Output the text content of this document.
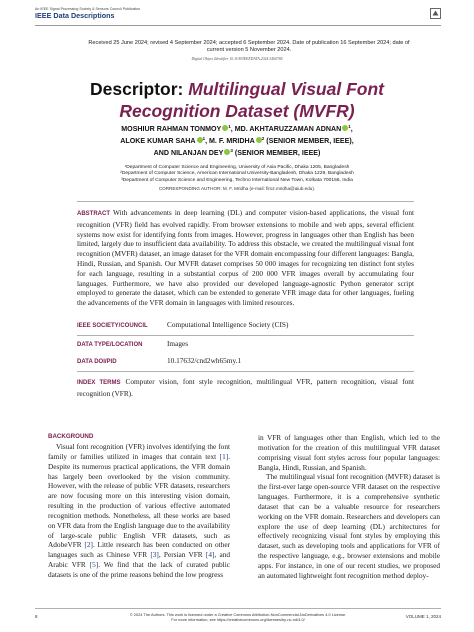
An IEEE Signal Processing Society & Sensors Council Publication
IEEE Data Descriptions
Received 25 June 2024; revised 4 September 2024; accepted 6 September 2024. Date of publication 16 September 2024; date of
current version 5 November 2024.
Digital Object Identifier 10.1109/IEEEDATA.2024.3460784
Descriptor: Multilingual Visual Font
Recognition Dataset (MVFR)
MOSHIUR RAHMAN TONMOY $^1$, MD. AKHTARUZZAMAN ADNAN $^1$,
ALOKE KUMAR SAHA $^1$, M. F. MRIDHA $^2$ (SENIOR MEMBER, IEEE),
AND NILANJAN DEY $^3$ (SENIOR MEMBER, IEEE)
¹Department of Computer Science and Engineering, University of Asia Pacific, Dhaka 1205, Bangladesh
²Department of Computer Science, American International University-Bangladesh, Dhaka 1229, Bangladesh
³Department of Computer Science and Engineering, Techno International New Town, Kolkata 700156, India
CORRESPONDING AUTHOR: M. F. Mridha (e-mail: firoz.mridha@aiub.edu).
ABSTRACT With advancements in deep learning (DL) and computer vision-based applications, the visual font recognition (VFR) field has evolved rapidly. From browser extensions to mobile and web apps, several efficient systems now exist for identifying fonts from images. However, progress in languages other than English has been limited, largely due to insufficient data availability. To address this obstacle, we created the multilingual visual font recognition (MVFR) dataset, an image dataset for the VFR domain encompassing four different languages: Bangla, Hindi, Russian, and Spanish. Our MVFR dataset comprises 50 000 images for recognizing ten distinct font styles for each language, resulting in a substantial corpus of 200 000 VFR images overall by accumulating four languages. Furthermore, we have also provided our developed language-agnostic Python generator script employed to generate the dataset, which can be extended to generate VFR image data for other languages, fueling the advancements of the VFR domain in languages with limited resources.
IEEE SOCIETY/COUNCIL	Computational Intelligence Society (CIS)
DATA TYPE/LOCATION	Images
DATA DOI/PID	10.17632/cnd2wh65my.1
INDEX TERMS Computer vision, font style recognition, multilingual VFR, pattern recognition, visual font recognition (VFR).
BACKGROUND

Visual font recognition (VFR) involves identifying the font family or families utilized in images that contain text [1]. Despite its numerous practical applications, the VFR domain has largely been overlooked by the vision community. However, with the release of public VFR datasets, researchers are now focusing more on this interesting vision domain, resulting in the production of various effective automated recognition methods. Nonetheless, all these works are based on VFR data from the English language due to the availability of large-scale public English VFR datasets, such as AdobeVFR [2]. Little research has been conducted on other languages such as Chinese VFR [3], Persian VFR [4], and Arabic VFR [5]. We find that the lack of curated public datasets is one of the prime reasons behind the low progress

in VFR of languages other than English, which led to the motivation for the creation of this multilingual VFR dataset comprising visual font styles across four popular languages: Bangla, Hindi, Russian, and Spanish.

The multilingual visual font recognition (MVFR) dataset is the first-ever large open-source VFR dataset on the respective languages. Furthermore, it is a comprehensive synthetic dataset that can be a valuable resource for researchers working on the VFR domain. Researchers and developers can explore the use of deep learning (DL) architectures for effectively recognizing visual font styles by employing this dataset, such as developing tools and applications for VFR of the respective language, e.g., browser extensions and mobile apps. For instance, in one of our recent studies, we proposed an automated lightweight font recognition method deploy-

8	© 2024 The Authors. This work is licensed under a Creative Commons Attribution-NonCommercial-NoDerivatives 4.0 License.
For more information, see https://creativecommons.org/licenses/by-nc-nd/4.0/
VOLUME 1, 2024
